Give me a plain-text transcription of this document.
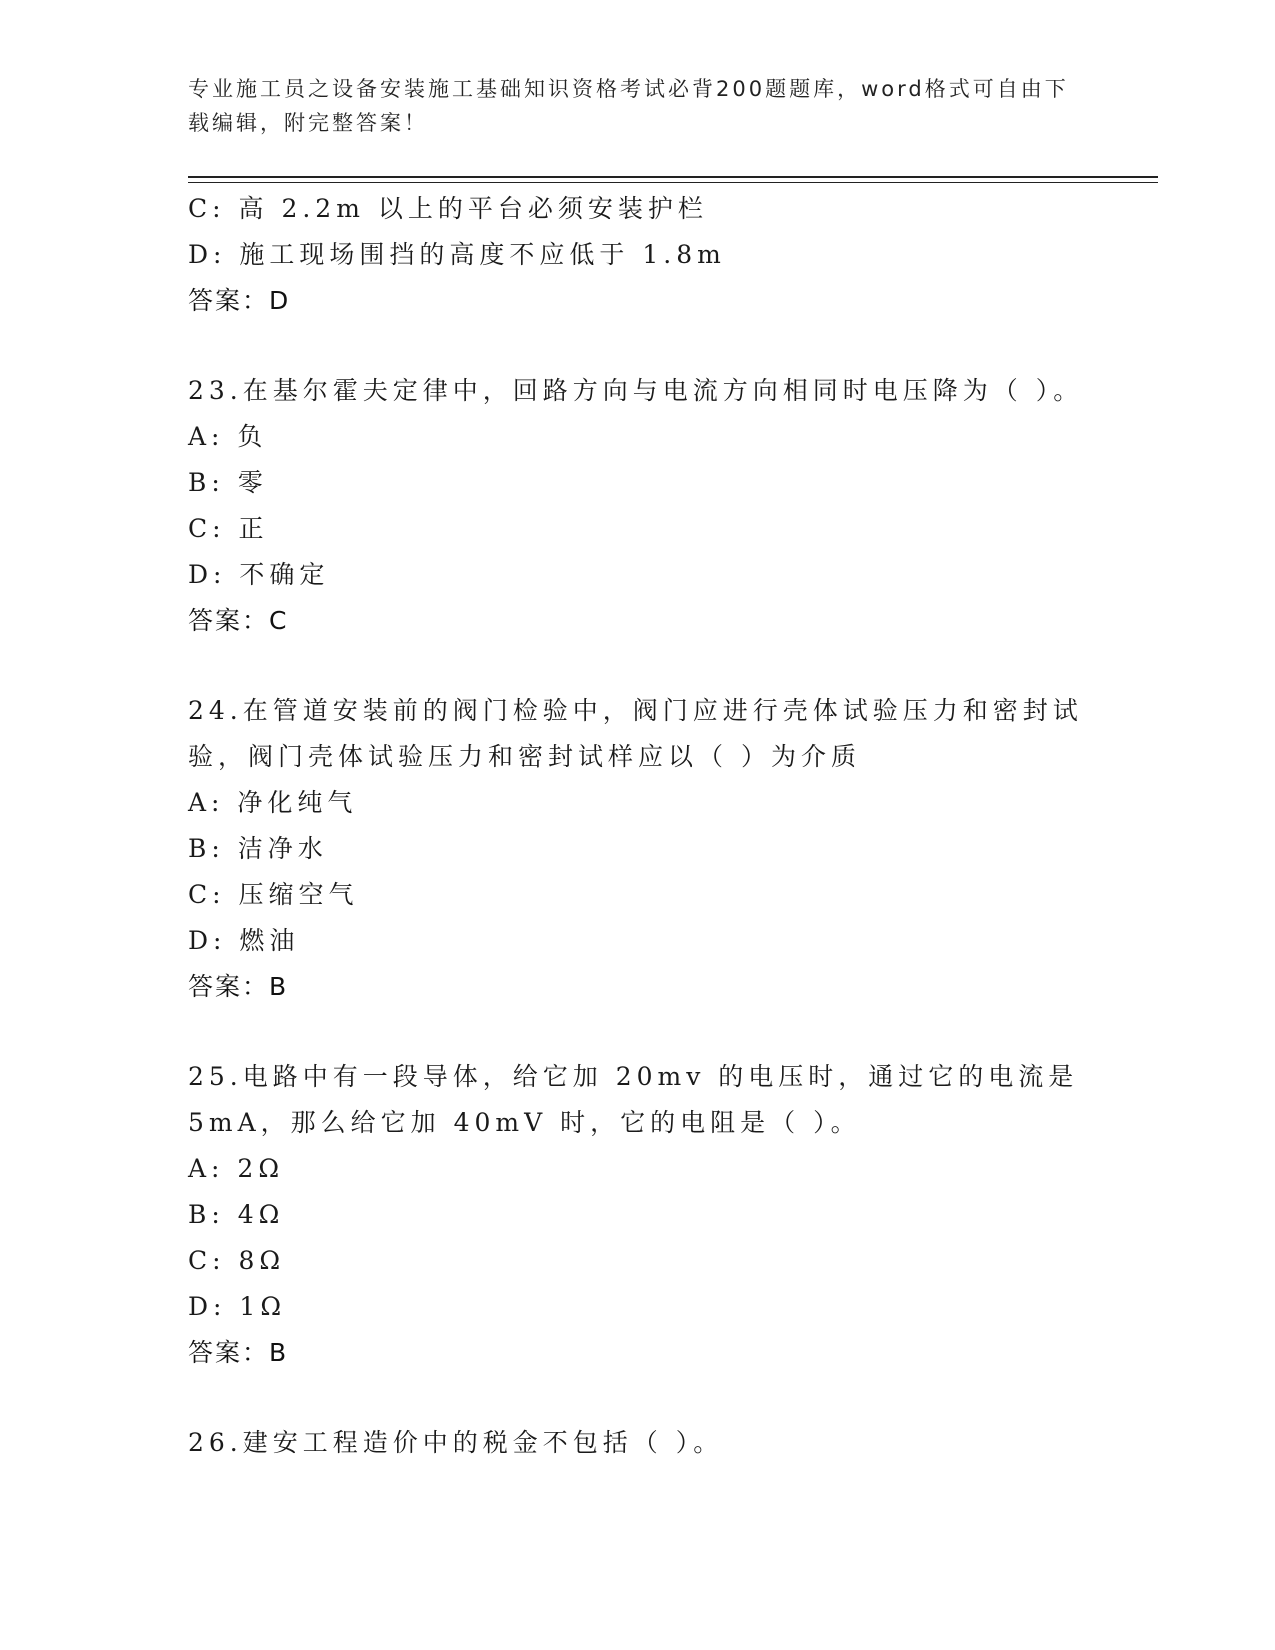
专业施工员之设备安装施工基础知识资格考试必背200题题库，word格式可自由下载编辑，附完整答案！
C: 高 2.2m 以上的平台必须安装护栏
D: 施工现场围挡的高度不应低于 1.8m
答案：D
23.在基尔霍夫定律中，回路方向与电流方向相同时电压降为（ ）。
A: 负
B: 零
C: 正
D: 不确定
答案：C
24.在管道安装前的阀门检验中，阀门应进行壳体试验压力和密封试验，阀门壳体试验压力和密封试样应以（ ）为介质
A: 净化纯气
B: 洁净水
C: 压缩空气
D: 燃油
答案：B
25.电路中有一段导体，给它加 20mv 的电压时，通过它的电流是 5mA，那么给它加 40mV 时，它的电阻是（ ）。
A: 2Ω
B: 4Ω
C: 8Ω
D: 1Ω
答案：B
26.建安工程造价中的税金不包括（ ）。
